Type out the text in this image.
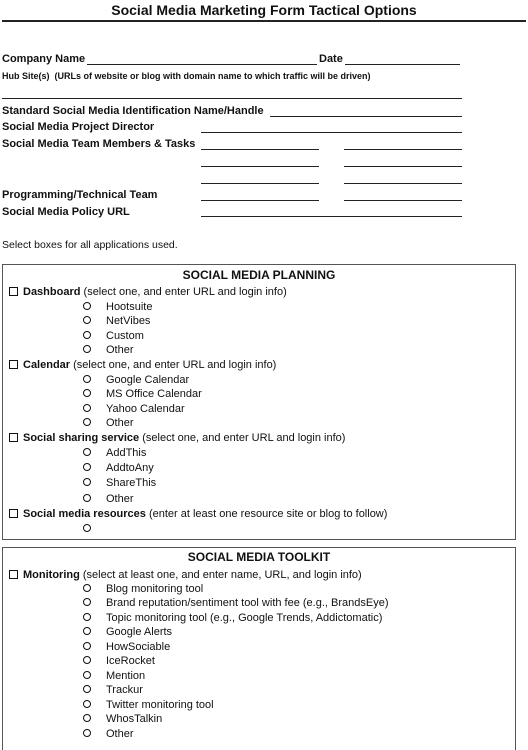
Social Media Marketing Form Tactical Options
Company Name	Date
Hub Site(s) (URLs of website or blog with domain name to which traffic will be driven)
Standard Social Media Identification Name/Handle
Social Media Project Director
Social Media Team Members & Tasks
Programming/Technical Team
Social Media Policy URL
Select boxes for all applications used.
SOCIAL MEDIA PLANNING
Dashboard (select one, and enter URL and login info)
Hootsuite
NetVibes
Custom
Other
Calendar (select one, and enter URL and login info)
Google Calendar
MS Office Calendar
Yahoo Calendar
Other
Social sharing service (select one, and enter URL and login info)
AddThis
AddtoAny
ShareThis
Other
Social media resources (enter at least one resource site or blog to follow)
SOCIAL MEDIA TOOLKIT
Monitoring (select at least one, and enter name, URL, and login info)
Blog monitoring tool
Brand reputation/sentiment tool with fee (e.g., BrandsEye)
Topic monitoring tool (e.g., Google Trends, Addictomatic)
Google Alerts
HowSociable
IceRocket
Mention
Trackur
Twitter monitoring tool
WhosTalkin
Other
